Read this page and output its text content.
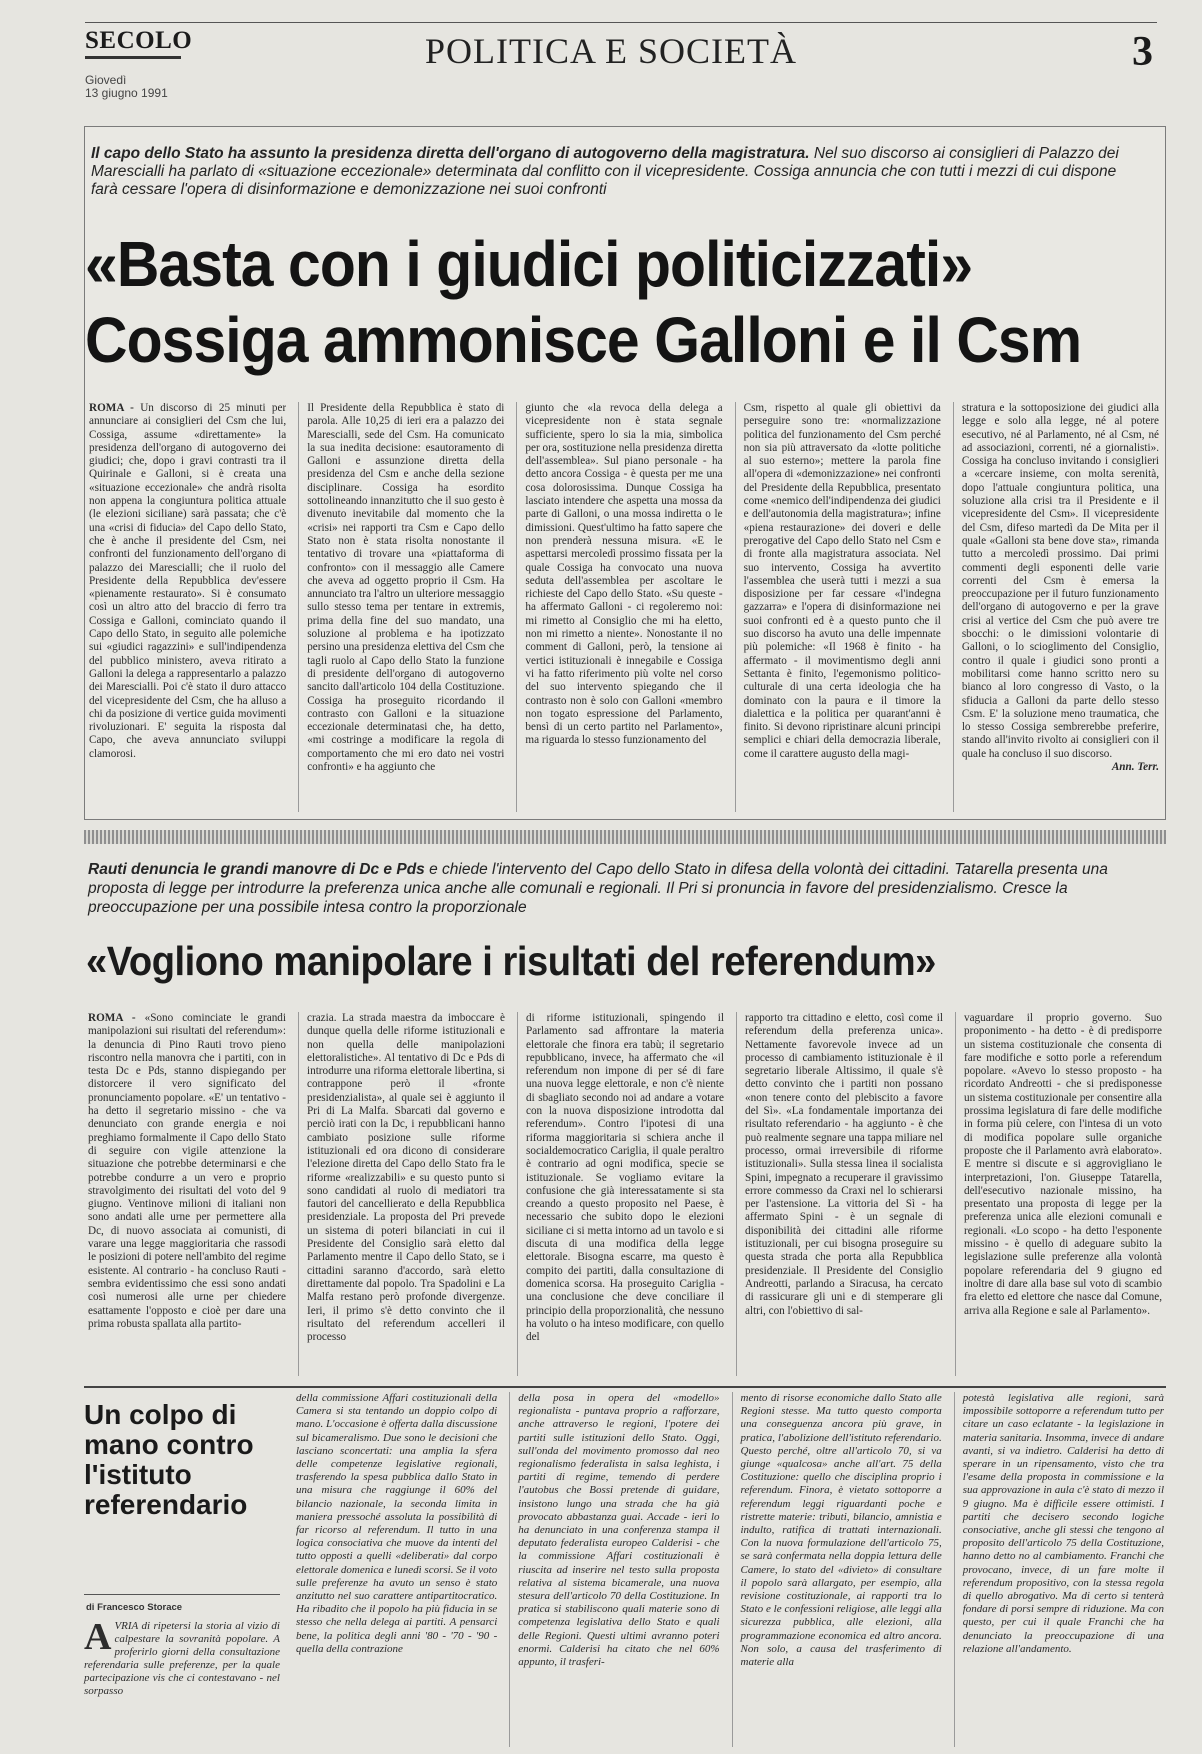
SECOLO
Giovedì
13 giugno 1991
POLITICA E SOCIETÀ	3
Il capo dello Stato ha assunto la presidenza diretta dell'organo di autogoverno della magistratura. Nel suo discorso ai consiglieri di Palazzo dei Marescialli ha parlato di «situazione eccezionale» determinata dal conflitto con il vicepresidente. Cossiga annuncia che con tutti i mezzi di cui dispone farà cessare l'opera di disinformazione e demonizzazione nei suoi confronti
«Basta con i giudici politicizzati»
Cossiga ammonisce Galloni e il Csm
ROMA - Un discorso di 25 minuti per annunciare ai consiglieri del Csm che lui, Cossiga, assume «direttamente» la presidenza dell'organo di autogoverno dei giudici; che, dopo i gravi contrasti tra il Quirinale e Galloni, si è creata una «situazione eccezionale» che andrà risolta non appena la congiuntura politica attuale (le elezioni siciliane) sarà passata; che c'è una «crisi di fiducia» del Capo dello Stato, che è anche il presidente del Csm, nei confronti del funzionamento dell'organo di palazzo dei Marescialli; che il ruolo del Presidente della Repubblica dev'essere «pienamente restaurato». Si è consumato così un altro atto del braccio di ferro tra Cossiga e Galloni, cominciato quando il Capo dello Stato, in seguito alle polemiche sui «giudici ragazzini» e sull'indipendenza del pubblico ministero, aveva ritirato a Galloni la delega a rappresentarlo a palazzo dei Marescialli. Poi c'è stato il duro attacco del vicepresidente del Csm, che ha alluso a chi da posizione di vertice guida movimenti rivoluzionari. E' seguita la risposta dal Capo, che aveva annunciato sviluppi clamorosi.
Il Presidente della Repubblica è stato di parola. Alle 10,25 di ieri era a palazzo dei Marescialli, sede del Csm. Ha comunicato la sua inedita decisione: esautoramento di Galloni e assunzione diretta della presidenza del Csm e anche della sezione disciplinare. Cossiga ha esordito sottolineando innanzitutto che il suo gesto è divenuto inevitabile dal momento che la «crisi» nei rapporti tra Csm e Capo dello Stato non è stata risolta nonostante il tentativo di trovare una «piattaforma di confronto» con il messaggio alle Camere che aveva ad oggetto proprio il Csm. Ha annunciato tra l'altro un ulteriore messaggio sullo stesso tema per tentare in extremis, prima della fine del suo mandato, una soluzione al problema e ha ipotizzato persino una presidenza elettiva del Csm che tagli ruolo al Capo dello Stato la funzione di presidente dell'organo di autogoverno sancito dall'articolo 104 della Costituzione. Cossiga ha proseguito ricordando il contrasto con Galloni e la situazione eccezionale determinatasi che, ha detto, «mi costringe a modificare la regola di comportamento che mi ero dato nei vostri confronti» e ha aggiunto che
giunto che «la revoca della delega a vicepresidente non è stata segnale sufficiente, spero lo sia la mia, simbolica per ora, sostituzione nella presidenza diretta dell'assemblea». Sul piano personale - ha detto ancora Cossiga - è questa per me una cosa dolorosissima. Dunque Cossiga ha lasciato intendere che aspetta una mossa da parte di Galloni, o una mossa indiretta o le dimissioni. Quest'ultimo ha fatto sapere che non prenderà nessuna misura. «E le aspettarsi mercoledì prossimo fissata per la quale Cossiga ha convocato una nuova seduta dell'assemblea per ascoltare le richieste del Capo dello Stato. «Su queste - ha affermato Galloni - ci regoleremo noi: mi rimetto al Consiglio che mi ha eletto, non mi rimetto a niente». Nonostante il no comment di Galloni, però, la tensione ai vertici istituzionali è innegabile e Cossiga vi ha fatto riferimento più volte nel corso del suo intervento spiegando che il contrasto non è solo con Galloni «membro non togato espressione del Parlamento, bensì di un certo partito nel Parlamento», ma riguarda lo stesso funzionamento del
Csm, rispetto al quale gli obiettivi da perseguire sono tre: «normalizzazione politica del funzionamento del Csm perché non sia più attraversato da «lotte politiche al suo esterno»; mettere la parola fine all'opera di «demonizzazione» nei confronti del Presidente della Repubblica, presentato come «nemico dell'indipendenza dei giudici e dell'autonomia della magistratura»; infine «piena restaurazione» dei doveri e delle prerogative del Capo dello Stato nel Csm e di fronte alla magistratura associata. Nel suo intervento, Cossiga ha avvertito l'assemblea che userà tutti i mezzi a sua disposizione per far cessare «l'indegna gazzarra» e l'opera di disinformazione nei suoi confronti ed è a questo punto che il suo discorso ha avuto una delle impennate più polemiche: «Il 1968 è finito - ha affermato - il movimentismo degli anni Settanta è finito, l'egemonismo politico-culturale di una certa ideologia che ha dominato con la paura e il timore la dialettica e la politica per quarant'anni è finito. Si devono ripristinare alcuni principi semplici e chiari della democrazia liberale, come il carattere augusto della magi-
stratura e la sottoposizione dei giudici alla legge e solo alla legge, né al potere esecutivo, né al Parlamento, né al Csm, né ad associazioni, correnti, né a giornalisti». Cossiga ha concluso invitando i consiglieri a «cercare insieme, con molta serenità, dopo l'attuale congiuntura politica, una soluzione alla crisi tra il Presidente e il vicepresidente del Csm». Il vicepresidente del Csm, difeso martedì da De Mita per il quale «Galloni sta bene dove sta», rimanda tutto a mercoledì prossimo. Dai primi commenti degli esponenti delle varie correnti del Csm è emersa la preoccupazione per il futuro funzionamento dell'organo di autogoverno e per la grave crisi al vertice del Csm che può avere tre sbocchi: o le dimissioni volontarie di Galloni, o lo scioglimento del Consiglio, contro il quale i giudici sono pronti a mobilitarsi come hanno scritto nero su bianco al loro congresso di Vasto, o la sfiducia a Galloni da parte dello stesso Csm. E' la soluzione meno traumatica, che lo stesso Cossiga sembrerebbe preferire, stando all'invito rivolto ai consiglieri con il quale ha concluso il suo discorso.
Ann. Terr.
Rauti denuncia le grandi manovre di Dc e Pds e chiede l'intervento del Capo dello Stato in difesa della volontà dei cittadini. Tatarella presenta una proposta di legge per introdurre la preferenza unica anche alle comunali e regionali. Il Pri si pronuncia in favore del presidenzialismo. Cresce la preoccupazione per una possibile intesa contro la proporzionale
«Vogliono manipolare i risultati del referendum»
ROMA - «Sono cominciate le grandi manipolazioni sui risultati del referendum»: la denuncia di Pino Rauti trovo pieno riscontro nella manovra che i partiti, con in testa Dc e Pds, stanno dispiegando per distorcere il vero significato del pronunciamento popolare. «E' un tentativo - ha detto il segretario missino - che va denunciato con grande energia e noi preghiamo formalmente il Capo dello Stato di seguire con vigile attenzione la situazione che potrebbe determinarsi e che potrebbe condurre a un vero e proprio stravolgimento dei risultati del voto del 9 giugno. Ventinove milioni di italiani non sono andati alle urne per permettere alla Dc, di nuovo associata ai comunisti, di varare una legge maggioritaria che rassodi le posizioni di potere nell'ambito del regime esistente. Al contrario - ha concluso Rauti - sembra evidentissimo che essi sono andati così numerosi alle urne per chiedere esattamente l'opposto e cioè per dare una prima robusta spallata alla partito-
crazia. La strada maestra da imboccare è dunque quella delle riforme istituzionali e non quella delle manipolazioni elettoralistiche». Al tentativo di Dc e Pds di introdurre una riforma elettorale libertina, si contrappone però il «fronte presidenzialista», al quale sei è aggiunto il Pri di La Malfa. Sbarcati dal governo e perciò irati con la Dc, i repubblicani hanno cambiato posizione sulle riforme istituzionali ed ora dicono di considerare l'elezione diretta del Capo dello Stato fra le riforme «realizzabili» e su questo punto si sono candidati al ruolo di mediatori tra fautori del cancellierato e della Repubblica presidenziale. La proposta del Pri prevede un sistema di poteri bilanciati in cui il Presidente del Consiglio sarà eletto dal Parlamento mentre il Capo dello Stato, se i cittadini saranno d'accordo, sarà eletto direttamente dal popolo. Tra Spadolini e La Malfa restano però profonde divergenze. Ieri, il primo s'è detto convinto che il risultato del referendum accelleri il processo
di riforme istituzionali, spingendo il Parlamento sad affrontare la materia elettorale che finora era tabù; il segretario repubblicano, invece, ha affermato che «il referendum non impone di per sé di fare una nuova legge elettorale, e non c'è niente di sbagliato secondo noi ad andare a votare con la nuova disposizione introdotta dal referendum». Contro l'ipotesi di una riforma maggioritaria si schiera anche il socialdemocratico Cariglia, il quale peraltro è contrario ad ogni modifica, specie se istituzionale. Se vogliamo evitare la confusione che già interessatamente si sta creando a questo proposito nel Paese, è necessario che subito dopo le elezioni siciliane ci si metta intorno ad un tavolo e si discuta di una modifica della legge elettorale. Bisogna escarre, ma questo è compito dei partiti, dalla consultazione di domenica scorsa. Ha proseguito Cariglia - una conclusione che deve conciliare il principio della proporzionalità, che nessuno ha voluto o ha inteso modificare, con quello del
rapporto tra cittadino e eletto, così come il referendum della preferenza unica». Nettamente favorevole invece ad un processo di cambiamento istituzionale è il segretario liberale Altissimo, il quale s'è detto convinto che i partiti non possano «non tenere conto del plebiscito a favore del Sì». «La fondamentale importanza dei risultato referendario - ha aggiunto - è che può realmente segnare una tappa miliare nel processo, ormai irreversibile di riforme istituzionali». Sulla stessa linea il socialista Spini, impegnato a recuperare il gravissimo errore commesso da Craxi nel lo schierarsi per l'astensione. La vittoria del Sì - ha affermato Spini - è un segnale di disponibilità dei cittadini alle riforme istituzionali, per cui bisogna proseguire su questa strada che porta alla Repubblica presidenziale. Il Presidente del Consiglio Andreotti, parlando a Siracusa, ha cercato di rassicurare gli uni e di stemperare gli altri, con l'obiettivo di sal-
vaguardare il proprio governo. Suo proponimento - ha detto - è di predisporre un sistema costituzionale che consenta di fare modifiche e sotto porle a referendum popolare. «Avevo lo stesso proposto - ha ricordato Andreotti - che si predisponesse un sistema costituzionale per consentire alla prossima legislatura di fare delle modifiche in forma più celere, con l'intesa di un voto di modifica popolare sulle organiche proposte che il Parlamento avrà elaborato». E mentre si discute e si aggrovigliano le interpretazioni, l'on. Giuseppe Tatarella, dell'esecutivo nazionale missino, ha presentato una proposta di legge per la preferenza unica alle elezioni comunali e regionali. «Lo scopo - ha detto l'esponente missino - è quello di adeguare subito la legislazione sulle preferenze alla volontà popolare referendaria del 9 giugno ed inoltre di dare alla base sul voto di scambio fra eletto ed elettore che nasce dal Comune, arriva alla Regione e sale al Parlamento».
Un colpo di mano contro l'istituto referendario
di Francesco Storace
AVRIA di ripetersi la storia al vizio di calpestare la sovranità popolare. A proferirlo giorni della consultazione referendaria sulle preferenze, per la quale partecipazione vis che ci contestavano - nel sorpasso
della commissione Affari costituzionali della Camera si sta tentando un doppio colpo di mano. L'occasione è offerta dalla discussione sul bicameralismo. Due sono le decisioni che lasciano sconcertati: una amplia la sfera delle competenze legislative regionali, trasferendo la spesa pubblica dallo Stato in una misura che raggiunge il 60% del bilancio nazionale, la seconda limita in maniera pressoché assoluta la possibilità di far ricorso al referendum. Il tutto in una logica consociativa che muove da intenti del tutto opposti a quelli «deliberati» dal corpo elettorale domenica e lunedì scorsi. Se il voto sulle preferenze ha avuto un senso è stato anzitutto nel suo carattere antipartitocratico. Ha ribadito che il popolo ha più fiducia in se stesso che nella delega ai partiti. A pensarci bene, la politica degli anni '80 - '70 - '90 - quella della contrazione
della posa in opera del «modello» regionalista - puntava proprio a rafforzare, anche attraverso le regioni, l'potere dei partiti sulle istituzioni dello Stato. Oggi, sull'onda del movimento promosso dal neo regionalismo federalista in salsa leghista, i partiti di regime, temendo di perdere l'autobus che Bossi pretende di guidare, insistono lungo una strada che ha già provocato abbastanza guai. Accade - ieri lo ha denunciato in una conferenza stampa il deputato federalista europeo Calderisi - che la commissione Affari costituzionali è riuscita ad inserire nel testo sulla proposta relativa al sistema bicamerale, una nuova stesura dell'articolo 70 della Costituzione. In pratica si stabiliscono quali materie sono di competenza legislativa dello Stato e quali delle Regioni. Questi ultimi avranno poteri enormi. Calderisi ha citato che nel 60% appunto, il trasferi-
mento di risorse economiche dallo Stato alle Regioni stesse. Ma tutto questo comporta una conseguenza ancora più grave, in pratica, l'abolizione dell'istituto referendario. Questo perché, oltre all'articolo 70, si va giunge «qualcosa» anche all'art. 75 della Costituzione: quello che disciplina proprio i referendum. Finora, è vietato sottoporre a referendum leggi riguardanti poche e ristrette materie: tributi, bilancio, amnistia e indulto, ratifica di trattati internazionali. Con la nuova formulazione dell'articolo 75, se sarà confermata nella doppia lettura delle Camere, lo stato del «divieto» di consultare il popolo sarà allargato, per esempio, alla revisione costituzionale, ai rapporti tra lo Stato e le confessioni religiose, alle leggi alla sicurezza pubblica, alle elezioni, alla programmazione economica ed altro ancora. Non solo, a causa del trasferimento di materie alla
potestà legislativa alle regioni, sarà impossibile sottoporre a referendum tutto per citare un caso eclatante - la legislazione in materia sanitaria. Insomma, invece di andare avanti, si va indietro. Calderisi ha detto di sperare in un ripensamento, visto che tra l'esame della proposta in commissione e la sua approvazione in aula c'è stato di mezzo il 9 giugno. Ma è difficile essere ottimisti. I partiti che decisero secondo logiche consociative, anche gli stessi che tengono al proposito dell'articolo 75 della Costituzione, hanno detto no al cambiamento. Franchi che provocano, invece, di un fare molte il referendum propositivo, con la stessa regola di quello abrogativo. Ma di certo si tenterà fondare di porsi sempre di riduzione. Ma con questo, per cui il quale Franchi che ha denunciato la preoccupazione di una relazione all'andamento.
